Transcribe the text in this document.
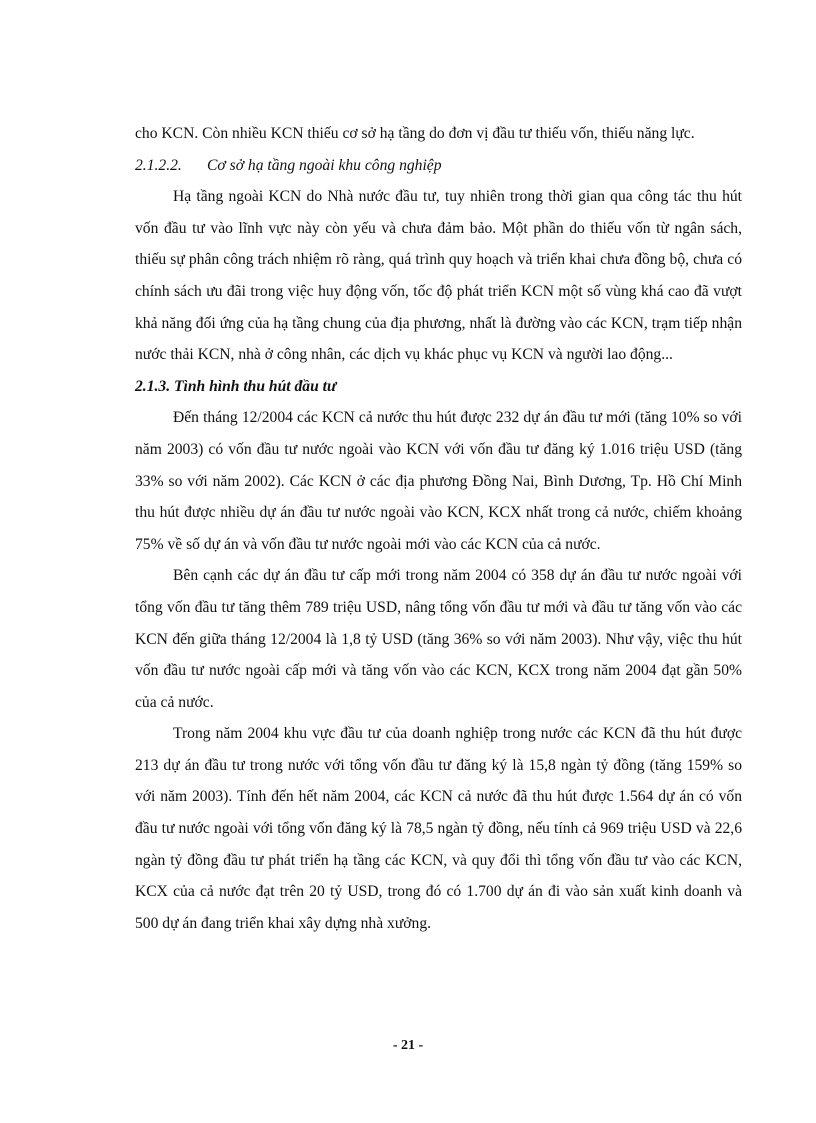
cho KCN. Còn nhiều KCN thiếu cơ sở hạ tầng do đơn vị đầu tư thiếu vốn, thiếu năng lực.

2.1.2.2. Cơ sở hạ tầng ngoài khu công nghiệp

Hạ tầng ngoài KCN do Nhà nước đầu tư, tuy nhiên trong thời gian qua công tác thu hút vốn đầu tư vào lĩnh vực này còn yếu và chưa đảm bảo. Một phần do thiếu vốn từ ngân sách, thiếu sự phân công trách nhiệm rõ ràng, quá trình quy hoạch và triển khai chưa đồng bộ, chưa có chính sách ưu đãi trong việc huy động vốn, tốc độ phát triển KCN một số vùng khá cao đã vượt khả năng đối ứng của hạ tầng chung của địa phương, nhất là đường vào các KCN, trạm tiếp nhận nước thải KCN, nhà ở công nhân, các dịch vụ khác phục vụ KCN và người lao động...

2.1.3. Tình hình thu hút đầu tư

Đến tháng 12/2004 các KCN cả nước thu hút được 232 dự án đầu tư mới (tăng 10% so với năm 2003) có vốn đầu tư nước ngoài vào KCN với vốn đầu tư đăng ký 1.016 triệu USD (tăng 33% so với năm 2002). Các KCN ở các địa phương Đồng Nai, Bình Dương, Tp. Hồ Chí Minh thu hút được nhiều dự án đầu tư nước ngoài vào KCN, KCX nhất trong cả nước, chiếm khoảng 75% về số dự án và vốn đầu tư nước ngoài mới vào các KCN của cả nước.

Bên cạnh các dự án đầu tư cấp mới trong năm 2004 có 358 dự án đầu tư nước ngoài với tổng vốn đầu tư tăng thêm 789 triệu USD, nâng tổng vốn đầu tư mới và đầu tư tăng vốn vào các KCN đến giữa tháng 12/2004 là 1,8 tỷ USD (tăng 36% so với năm 2003). Như vậy, việc thu hút vốn đầu tư nước ngoài cấp mới và tăng vốn vào các KCN, KCX trong năm 2004 đạt gần 50% của cả nước.

Trong năm 2004 khu vực đầu tư của doanh nghiệp trong nước các KCN đã thu hút được 213 dự án đầu tư trong nước với tổng vốn đầu tư đăng ký là 15,8 ngàn tỷ đồng (tăng 159% so với năm 2003). Tính đến hết năm 2004, các KCN cả nước đã thu hút được 1.564 dự án có vốn đầu tư nước ngoài với tổng vốn đăng ký là 78,5 ngàn tỷ đồng, nếu tính cả 969 triệu USD và 22,6 ngàn tỷ đồng đầu tư phát triển hạ tầng các KCN, và quy đổi thì tổng vốn đầu tư vào các KCN, KCX của cả nước đạt trên 20 tỷ USD, trong đó có 1.700 dự án đi vào sản xuất kinh doanh và 500 dự án đang triển khai xây dựng nhà xưởng.

- 21 -
